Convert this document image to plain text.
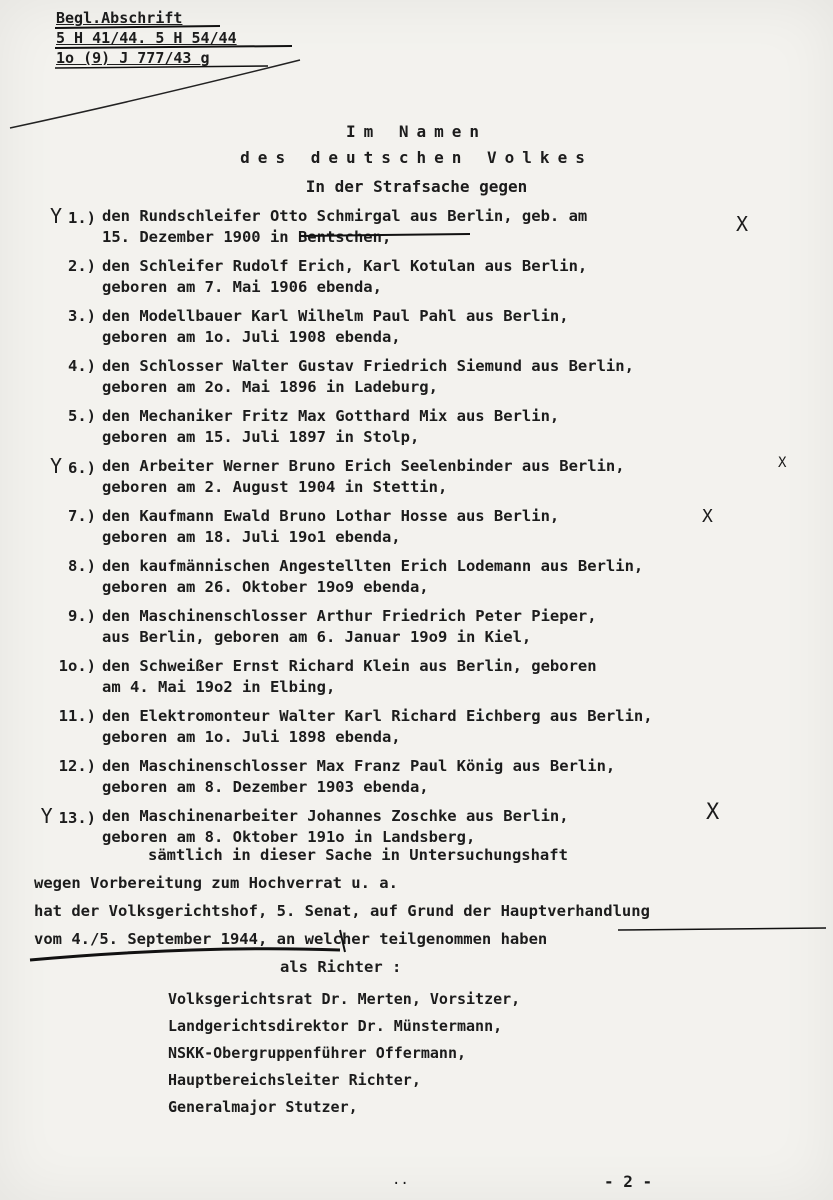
Begl.Abschrift
5 H 41/44. 5 H 54/44
1o (9) J 777/43 g
Im Namen
des deutschen Volkes
In der Strafsache gegen
Y 1.) den Rundschleifer Otto Schmirgal aus Berlin, geb. am
15. Dezember 1900 in Bentschen,
2.) den Schleifer Rudolf Erich, Karl Kotulan aus Berlin,
geboren am 7. Mai 1906 ebenda,
3.) den Modellbauer Karl Wilhelm Paul Pahl aus Berlin,
geboren am 1o. Juli 1908 ebenda,
4.) den Schlosser Walter Gustav Friedrich Siemund aus Berlin,
geboren am 2o. Mai 1896 in Ladeburg,
5.) den Mechaniker Fritz Max Gotthard Mix aus Berlin,
geboren am 15. Juli 1897 in Stolp,
Y 6.) den Arbeiter Werner Bruno Erich Seelenbinder aus Berlin,
geboren am 2. August 1904 in Stettin,
7.) den Kaufmann Ewald Bruno Lothar Hosse aus Berlin,
geboren am 18. Juli 19o1 ebenda,
8.) den kaufmännischen Angestellten Erich Lodemann aus Berlin,
geboren am 26. Oktober 19o9 ebenda,
9.) den Maschinenschlosser Arthur Friedrich Peter Pieper,
aus Berlin, geboren am 6. Januar 19o9 in Kiel,
1o.) den Schweißer Ernst Richard Klein aus Berlin, geboren
am 4. Mai 19o2 in Elbing,
11.) den Elektromonteur Walter Karl Richard Eichberg aus Berlin,
geboren am 1o. Juli 1898 ebenda,
12.) den Maschinenschlosser Max Franz Paul König aus Berlin,
geboren am 8. Dezember 1903 ebenda,
Y 13.) den Maschinenarbeiter Johannes Zoschke aus Berlin,
geboren am 8. Oktober 191o in Landsberg,
X
X
X
X
sämtlich in dieser Sache in Untersuchungshaft
wegen Vorbereitung zum Hochverrat u. a.
hat der Volksgerichtshof, 5. Senat, auf Grund der Hauptverhandlung
vom 4./5. September 1944, an welcher teilgenommen haben
als Richter :
Volksgerichtsrat Dr. Merten, Vorsitzer,
Landgerichtsdirektor Dr. Münstermann,
NSKK-Obergruppenführer Offermann,
Hauptbereichsleiter Richter,
Generalmajor Stutzer,
..	- 2 -
